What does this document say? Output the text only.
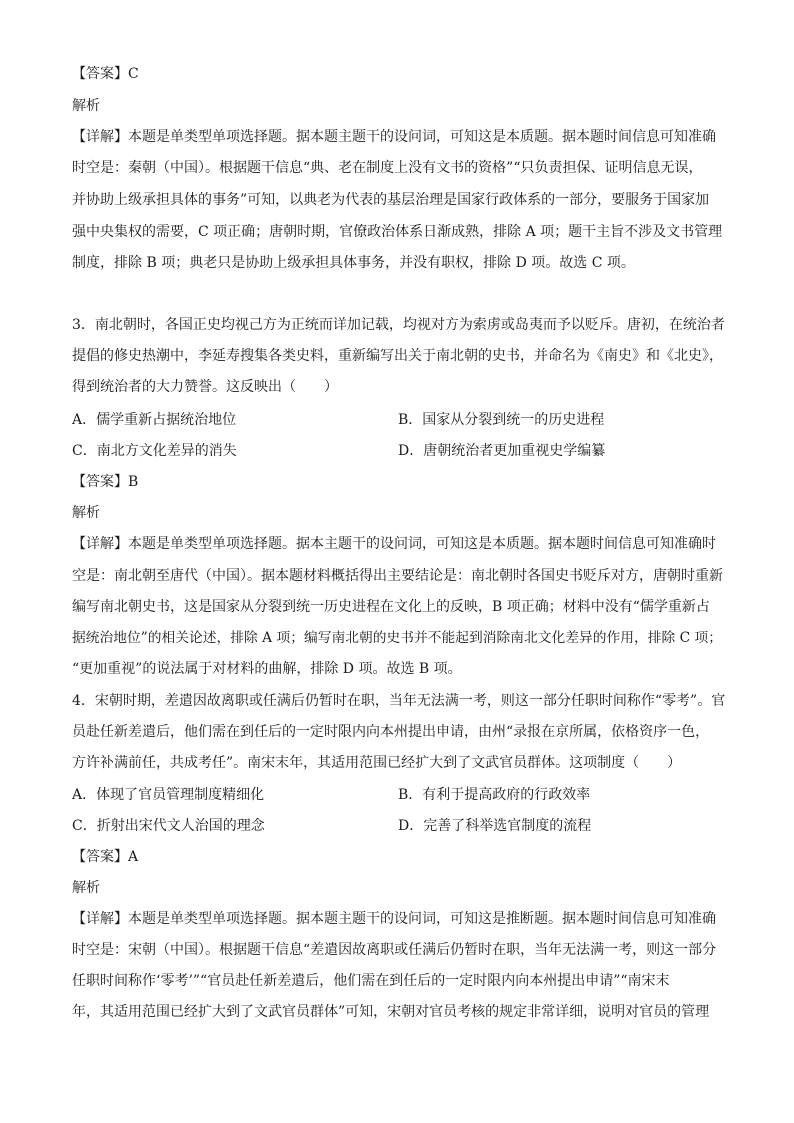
【答案】C
解析
【详解】本题是单类型单项选择题。据本题主题干的设问词，可知这是本质题。据本题时间信息可知准确
时空是：秦朝（中国）。根据题干信息“典、老在制度上没有文书的资格”“只负责担保、证明信息无误，
并协助上级承担具体的事务”可知，以典老为代表的基层治理是国家行政体系的一部分，要服务于国家加
强中央集权的需要，C 项正确；唐朝时期，官僚政治体系日渐成熟，排除 A 项；题干主旨不涉及文书管理
制度，排除 B 项；典老只是协助上级承担具体事务，并没有职权，排除 D 项。故选 C 项。
3．南北朝时，各国正史均视己方为正统而详加记载，均视对方为索虏或岛夷而予以贬斥。唐初，在统治者
提倡的修史热潮中，李延寿搜集各类史料，重新编写出关于南北朝的史书，并命名为《南史》和《北史》，
得到统治者的大力赞誉。这反映出（　　）
A．儒学重新占据统治地位	B．国家从分裂到统一的历史进程
C．南北方文化差异的消失	D．唐朝统治者更加重视史学编纂
【答案】B
解析
【详解】本题是单类型单项选择题。据本主题干的设问词，可知这是本质题。据本题时间信息可知准确时
空是：南北朝至唐代（中国）。据本题材料概括得出主要结论是：南北朝时各国史书贬斥对方，唐朝时重新
编写南北朝史书，这是国家从分裂到统一历史进程在文化上的反映，B 项正确；材料中没有“儒学重新占
据统治地位”的相关论述，排除 A 项；编写南北朝的史书并不能起到消除南北文化差异的作用，排除 C 项；
“更加重视”的说法属于对材料的曲解，排除 D 项。故选 B 项。
4．宋朝时期，差遣因故离职或任满后仍暂时在职，当年无法满一考，则这一部分任职时间称作“零考”。官
员赴任新差遣后，他们需在到任后的一定时限内向本州提出申请，由州“录报在京所属，依格资序一色，
方许补满前任，共成考任”。南宋末年，其适用范围已经扩大到了文武官员群体。这项制度（　　）
A．体现了官员管理制度精细化	B．有利于提高政府的行政效率
C．折射出宋代文人治国的理念	D．完善了科举选官制度的流程
【答案】A
解析
【详解】本题是单类型单项选择题。据本题主题干的设问词，可知这是推断题。据本题时间信息可知准确
时空是：宋朝（中国）。根据题干信息“差遣因故离职或任满后仍暂时在职，当年无法满一考，则这一部分
任职时间称作‘零考’”“官员赴任新差遣后，他们需在到任后的一定时限内向本州提出申请”“南宋末
年，其适用范围已经扩大到了文武官员群体”可知，宋朝对官员考核的规定非常详细，说明对官员的管理
